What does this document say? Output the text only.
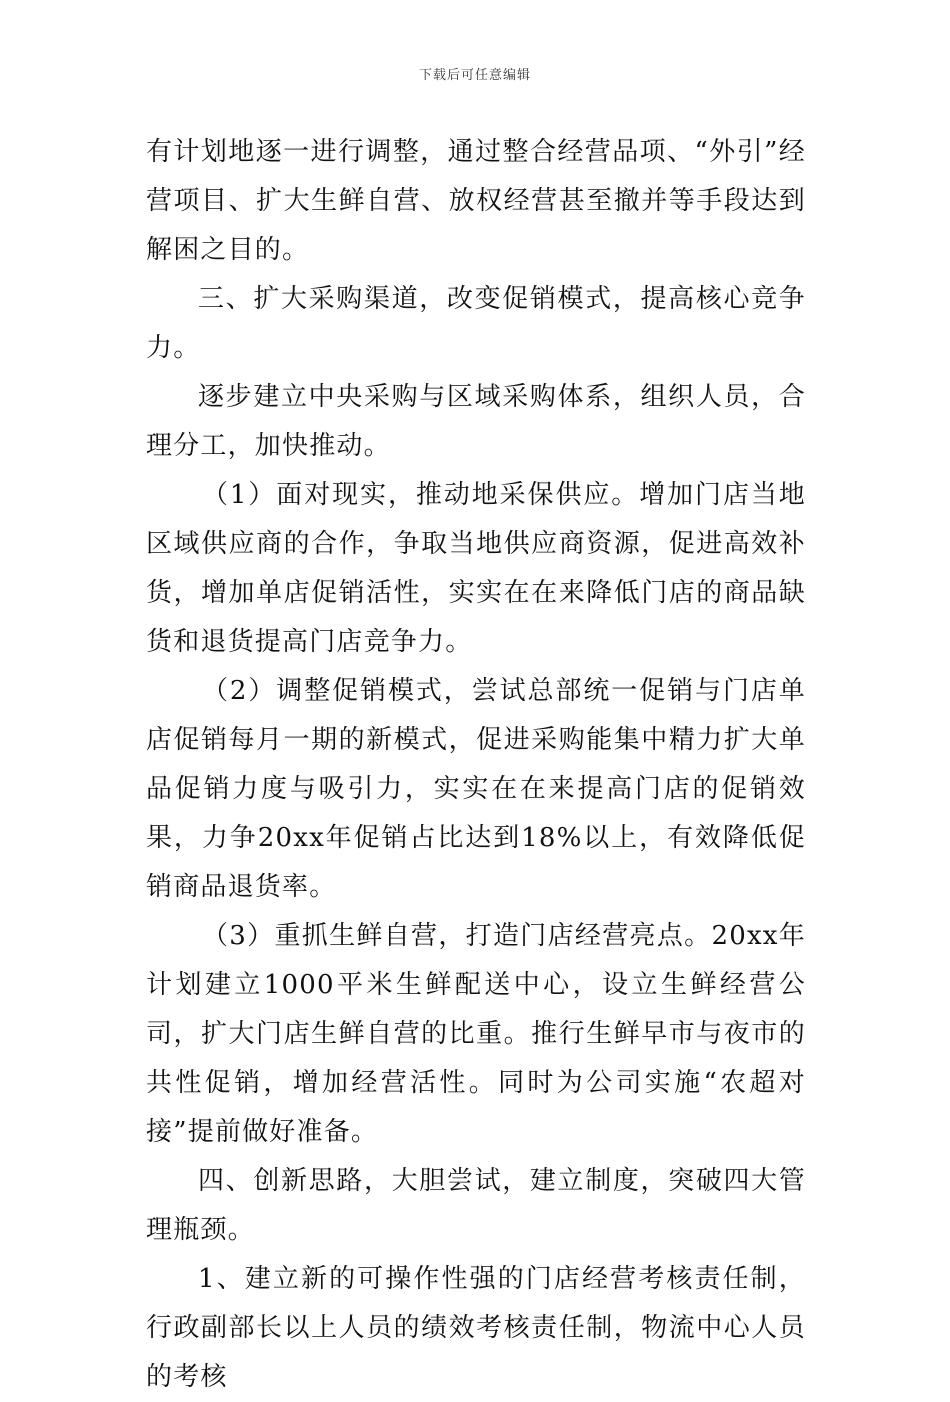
下载后可任意编辑

有计划地逐一进行调整，通过整合经营品项、“外引”经营项目、扩大生鲜自营、放权经营甚至撤并等手段达到解困之目的。

三、扩大采购渠道，改变促销模式，提高核心竞争力。

逐步建立中央采购与区域采购体系，组织人员，合理分工，加快推动。

（1）面对现实，推动地采保供应。增加门店当地区域供应商的合作，争取当地供应商资源，促进高效补货，增加单店促销活性，实实在在来降低门店的商品缺货和退货提高门店竞争力。

（2）调整促销模式，尝试总部统一促销与门店单店促销每月一期的新模式，促进采购能集中精力扩大单品促销力度与吸引力，实实在在来提高门店的促销效果，力争20xx年促销占比达到18%以上，有效降低促销商品退货率。

（3）重抓生鲜自营，打造门店经营亮点。20xx年计划建立1000平米生鲜配送中心，设立生鲜经营公司，扩大门店生鲜自营的比重。推行生鲜早市与夜市的共性促销，增加经营活性。同时为公司实施“农超对接”提前做好准备。

四、创新思路，大胆尝试，建立制度，突破四大管理瓶颈。

1、建立新的可操作性强的门店经营考核责任制，行政副部长以上人员的绩效考核责任制，物流中心人员的考核
